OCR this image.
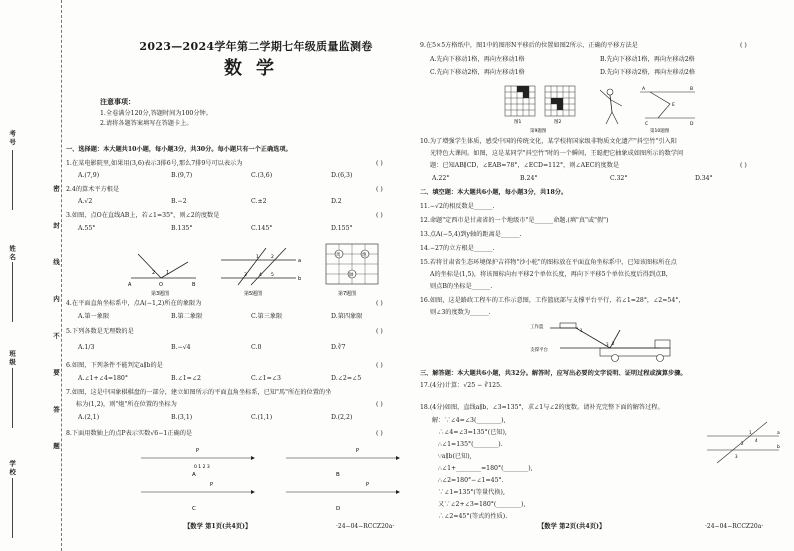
考号
姓名
班级
学校
密 封 线 内 不 要 答 题
2023—2024学年第二学期七年级质量监测卷
数学
注意事项：
1.全卷满分120分,答题时间为100分钟。
2.请将各题答案填写在答题卡上。
一、选择题：本大题共10小题，每小题3分，共30分。每小题只有一个正确选项。
1.在某电影院里,如果用(3,6)表示3排6号,那么7排9号可以表示为	( )
A.(7,9)	B.(9,7)	C.(3,6)	D.(6,3)
2.4的算术平方根是	( )
A.√2	B.−2	C.±2	D.2
3.如图，点O在直线AB上，若∠1=35°，则∠2的度数是	( )
A.55°	B.135°	C.145°	D.155°
A	O	B
1
2
第3题图
a
b
1	2
3	4 5
第5题图
馬	炮
帥
第7题图
4.在平面直角坐标系中，点A(−1,2)所在的象限为	( )
A.第一象限	B.第二象限	C.第三象限	D.第四象限
5.下列各数是无理数的是	( )
A.1/3	B.−√4	C.0	D.∛7
6.如图，下列条件不能判定a∥b的是	( )
A.∠1+∠4=180°	B.∠1=∠2	C.∠1=∠3	D.∠2=∠5
7.如图，这是中国象棋棋盘的一部分，建立如图所示的平面直角坐标系，已知"馬"所在的位置的坐
标为(1,2)，则"炮"所在位置的坐标为	( )
A.(2,1)	B.(3,1)	C.(1,1)	D.(2,2)
8.下面用数轴上的点P表示实数√6−1正确的是	( )
P
0 1 2 3
A
P
B
P
C
P
D
【数学 第1页(共4页)】	·24−04−RCCZ20a·
9.在5×5方格纸中，图1中的图形N平移后的位置如图2所示，正确的平移方法是	( )
A.先向下移动1格，再向左移动1格	B.先向下移动1格，再向左移动2格
C.先向下移动2格，再向左移动1格	D.先向下移动2格，再向左移动2格
图1	图2
第9题图
A	B
E
C	D
第10题图
10.为了增强学生体质，感受中国的传统文化，某学校将国家级非物质文化遗产"抖空竹"引入阳
光特色大课间。如图，这是某同学"抖空竹"时的一个瞬间，王聪把它抽象成如图所示的数学问
题：已知AB∥CD，∠EAB=78°，∠ECD=112°，则∠AEC的度数是	( )
A.22°	B.24°	C.32°	D.34°
二、填空题：本大题共6小题，每小题3分，共18分。
11.−√2的相反数是______.
12.命题"定西市是甘肃省的一个地级市"是______命题.(填"真"或"假")
13.点A(−5,4)到y轴的距离是______.
14.−27的立方根是______.
15.若将甘肃省生态环境保护吉祥物"沙小驼"的图标放在平面直角坐标系中，已知该图标所在点
A的坐标是(1,5)，将该图标向右平移2个单位长度，再向下平移5个单位长度后得到点B，
则点B的坐标是______.
16.如图，这是路政工程车的工作示意图，工作篮底部与支撑平台平行，若∠1=28°，∠2=54°，
则∠3的度数为______.
工作篮
支撑平台
1
2
3
三、解答题：本大题共6小题，共32分。解答时，应写出必要的文字说明、证明过程或演算步骤。
17.(4分)计算：√25 − ∛125.
18.(4分)如图，直线a∥b，∠3=135°，求∠1与∠2的度数。请补充完整下面的解答过程。
解：∵∠4=∠3(________),
∴∠4=∠3=135°(已知),
∴∠1=135°(________).
∵a∥b(已知),
∴∠1+________=180°(________),
∴∠2=180°−∠1=45°.
∵∠1=135°(等量代换),
又∵∠2+∠3=180°(________),
∴∠2=45°(等式的性质).
a
b
1
2
3
4
【数学 第2页(共4页)】	·24−04−RCCZ20a·
